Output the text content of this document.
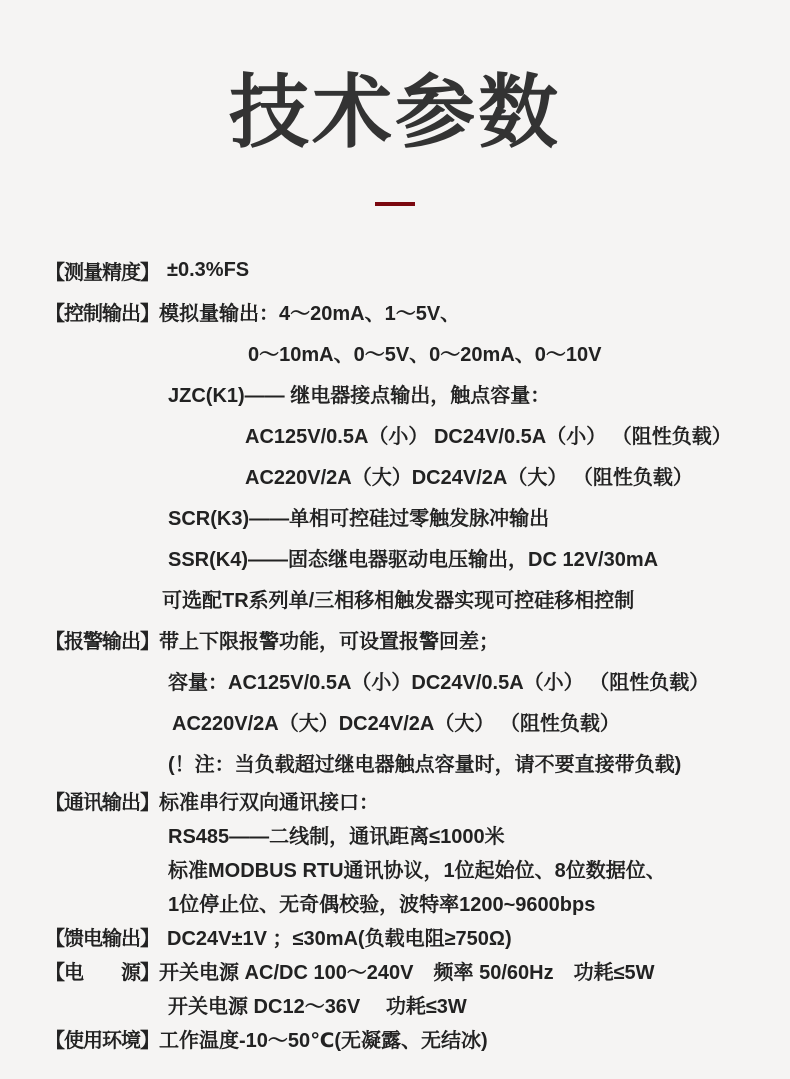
技术参数
【测量精度】 ±0.3%FS
【控制输出】 模拟量输出：4～20mA、1～5V、
0～10mA、0～5V、0～20mA、0～10V
JZC(K1)—— 继电器接点输出，触点容量：
AC125V/0.5A（小） DC24V/0.5A（小） （阻性负载）
AC220V/2A（大）DC24V/2A（大） （阻性负载）
SCR(K3)——单相可控硅过零触发脉冲输出
SSR(K4)——固态继电器驱动电压输出，DC 12V/30mA
可选配TR系列单/三相移相触发器实现可控硅移相控制
【报警输出】 带上下限报警功能，可设置报警回差；
容量：AC125V/0.5A（小）DC24V/0.5A（小） （阻性负载）
AC220V/2A（大）DC24V/2A（大） （阻性负载）
(！注：当负载超过继电器触点容量时，请不要直接带负载)
【通讯输出】 标准串行双向通讯接口：
RS485——二线制，通讯距离≤1000米
标准MODBUS RTU通讯协议，1位起始位、8位数据位、
1位停止位、无奇偶校验，波特率1200~9600bps
【馈电输出】 DC24V±1V ；≤30mA(负载电阻≥750Ω)
【电　　源】 开关电源 AC/DC 100～240V　频率 50/60Hz　功耗≤5W
开关电源 DC12～36V　 功耗≤3W
【使用环境】 工作温度-10～50℃(无凝露、无结冰)
